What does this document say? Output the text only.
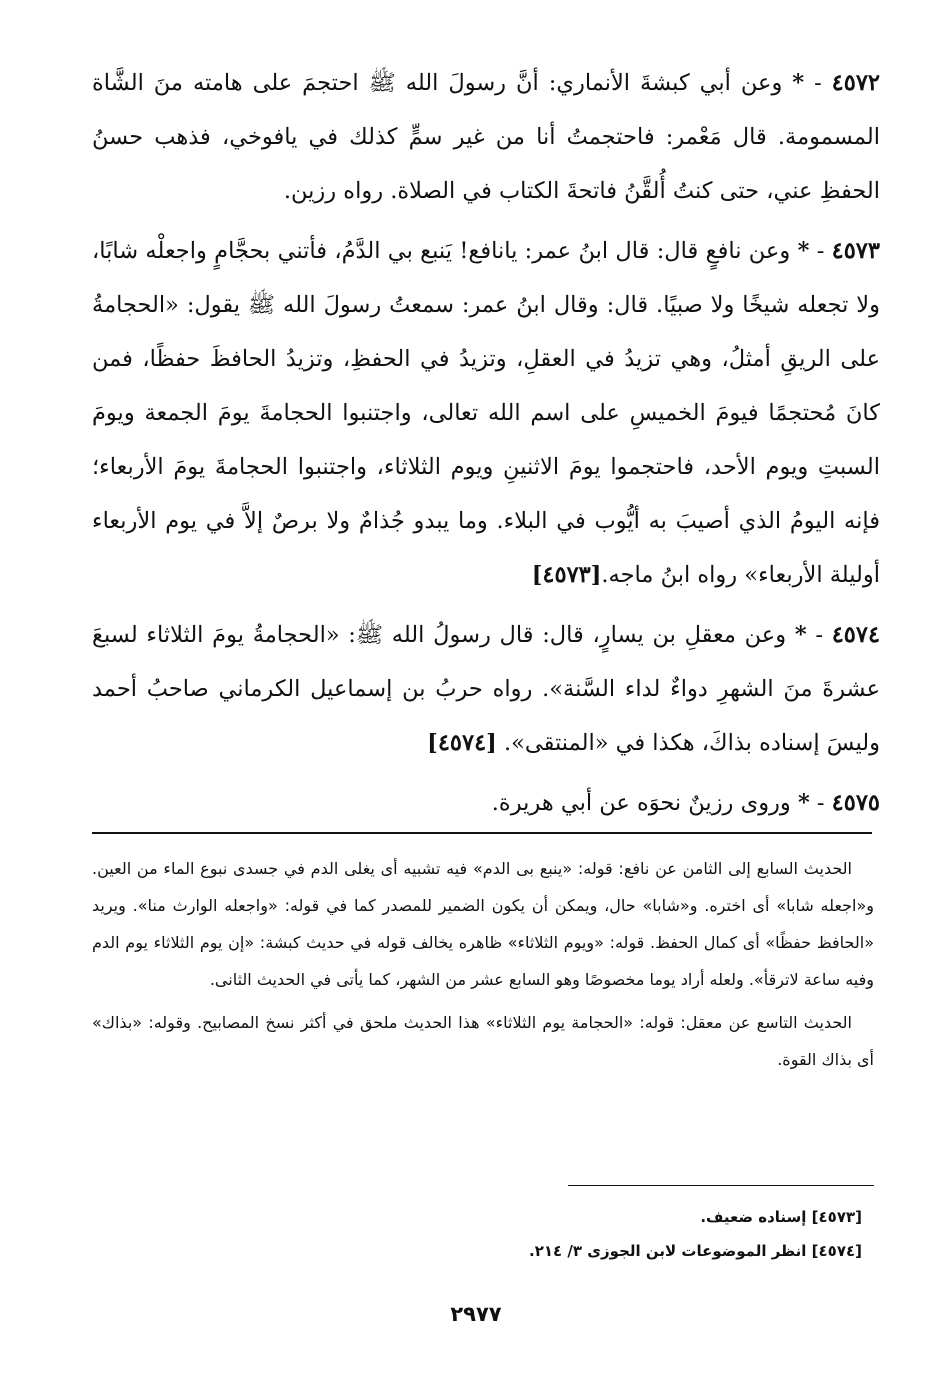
٤٥٧٢ - * وعن أبي كبشةَ الأنماري: أنَّ رسولَ الله ﷺ احتجمَ على هامته منَ الشَّاة المسمومة. قال مَعْمر: فاحتجمتُ أنا من غير سمٍّ كذلك في يافوخي، فذهب حسنُ الحفظِ عني، حتى كنتُ أُلقَّنُ فاتحةَ الكتاب في الصلاة. رواه رزين.

٤٥٧٣ - * وعن نافعٍ قال: قال ابنُ عمر: يانافع! يَنبع بي الدَّمُ، فأتني بحجَّامٍ واجعلْه شابًا، ولا تجعله شيخًا ولا صبيًا. قال: وقال ابنُ عمر: سمعتُ رسولَ الله ﷺ يقول: «الحجامةُ على الريقِ أمثلُ، وهي تزيدُ في العقلِ، وتزيدُ في الحفظِ، وتزيدُ الحافظَ حفظًا، فمن كانَ مُحتجمًا فيومَ الخميسِ على اسم الله تعالى، واجتنبوا الحجامةَ يومَ الجمعة ويومَ السبتِ ويوم الأحد، فاحتجموا يومَ الاثنينِ ويوم الثلاثاء، واجتنبوا الحجامةَ يومَ الأربعاء؛ فإنه اليومُ الذي أصيبَ به أيُّوب في البلاء. وما يبدو جُذامٌ ولا برصٌ إلاَّ في يوم الأربعاء أوليلة الأربعاء» رواه ابنُ ماجه.[٤٥٧٣]

٤٥٧٤ - * وعن معقلِ بن يسارٍ، قال: قال رسولُ الله ﷺ: «الحجامةُ يومَ الثلاثاء لسبعَ عشرةَ منَ الشهرِ دواءٌ لداء السَّنة». رواه حربُ بن إسماعيل الكرماني صاحبُ أحمد وليسَ إسناده بذاكَ، هكذا في «المنتقى». [٤٥٧٤]

٤٥٧٥ - * وروى رزينٌ نحوَه عن أبي هريرة.

الحديث السابع إلى الثامن عن نافع: قوله: «ينبع بى الدم» فيه تشبيه أى يغلى الدم في جسدى نبوع الماء من العين. و«اجعله شابا» أى اختره. و«شابا» حال، ويمكن أن يكون الضمير للمصدر كما في قوله: «واجعله الوارث منا». ويريد «الحافظ حفظًا» أى كمال الحفظ. قوله: «ويوم الثلاثاء» ظاهره يخالف قوله في حديث كبشة: «إن يوم الثلاثاء يوم الدم وفيه ساعة لاترقأ». ولعله أراد يوما مخصوصًا وهو السابع عشر من الشهر، كما يأتى في الحديث الثانى.

الحديث التاسع عن معقل: قوله: «الحجامة يوم الثلاثاء» هذا الحديث ملحق في أكثر نسخ المصابيح. وقوله: «بذاك» أى بذاك القوة.

[٤٥٧٣] إسناده ضعيف.
[٤٥٧٤] انظر الموضوعات لابن الجوزى ٣/ ٢١٤.
٢٩٧٧
